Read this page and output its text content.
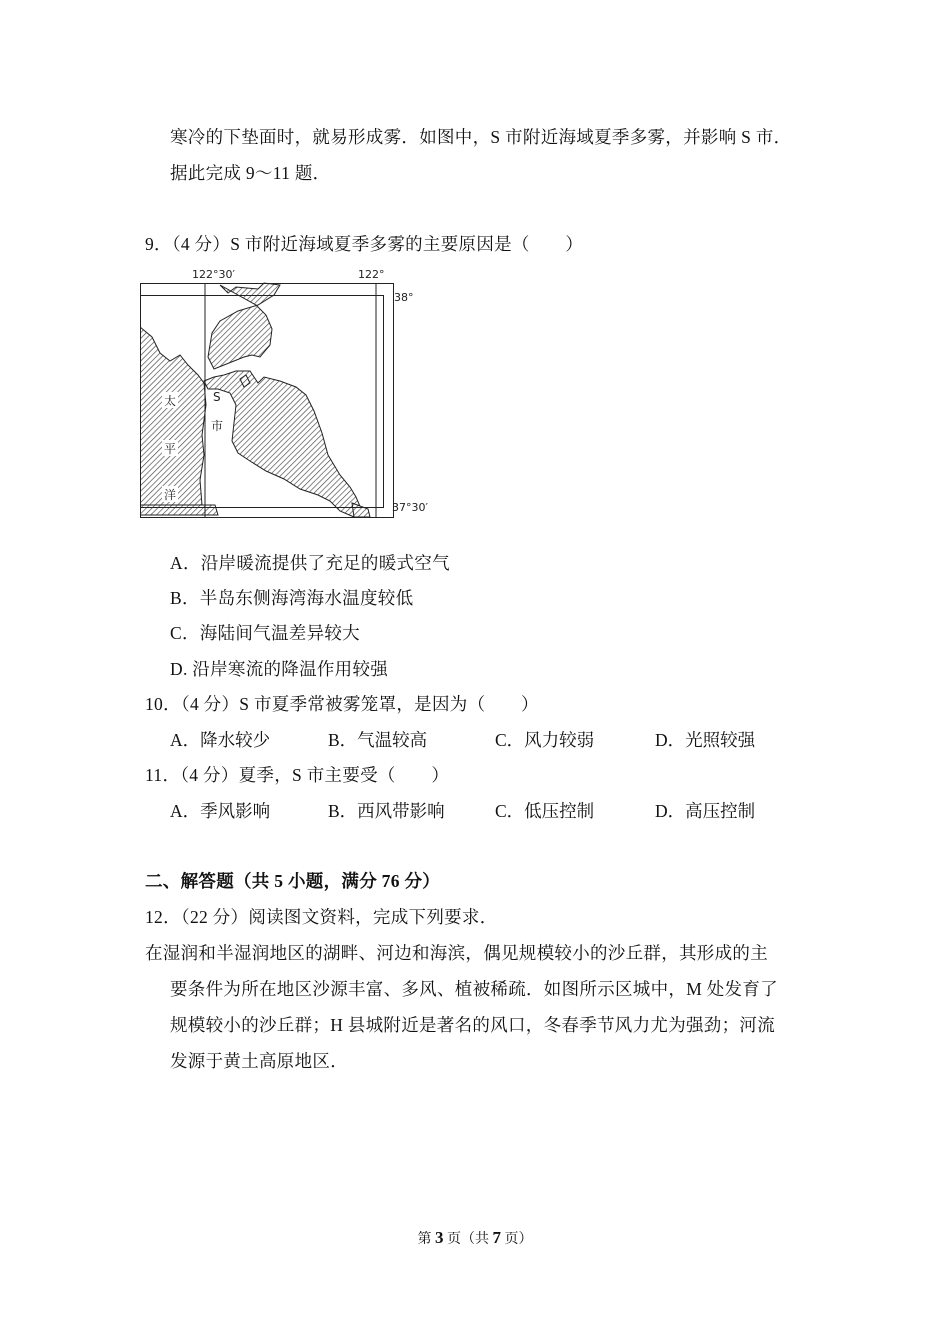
寒冷的下垫面时，就易形成雾．如图中，S 市附近海域夏季多雾，并影响 S 市．
据此完成 9～11 题．
9．（4 分）S 市附近海域夏季多雾的主要原因是（　　）
122°30′	122°
38°
37°30′
太
平
洋
S
市
A．沿岸暖流提供了充足的暖式空气
B．半岛东侧海湾海水温度较低
C．海陆间气温差异较大
D. 沿岸寒流的降温作用较强
10．（4 分）S 市夏季常被雾笼罩，是因为（　　）
A．降水较少	B．气温较高	C．风力较弱	D．光照较强
11．（4 分）夏季，S 市主要受（　　）
A．季风影响	B．西风带影响	C．低压控制	D．高压控制
二、解答题（共 5 小题，满分 76 分）
12．（22 分）阅读图文资料，完成下列要求．
在湿润和半湿润地区的湖畔、河边和海滨，偶见规模较小的沙丘群，其形成的主
要条件为所在地区沙源丰富、多风、植被稀疏．如图所示区城中，M 处发育了
规模较小的沙丘群；H 县城附近是著名的风口，冬春季节风力尤为强劲；河流
发源于黄土高原地区．
第 3 页（共 7 页）
